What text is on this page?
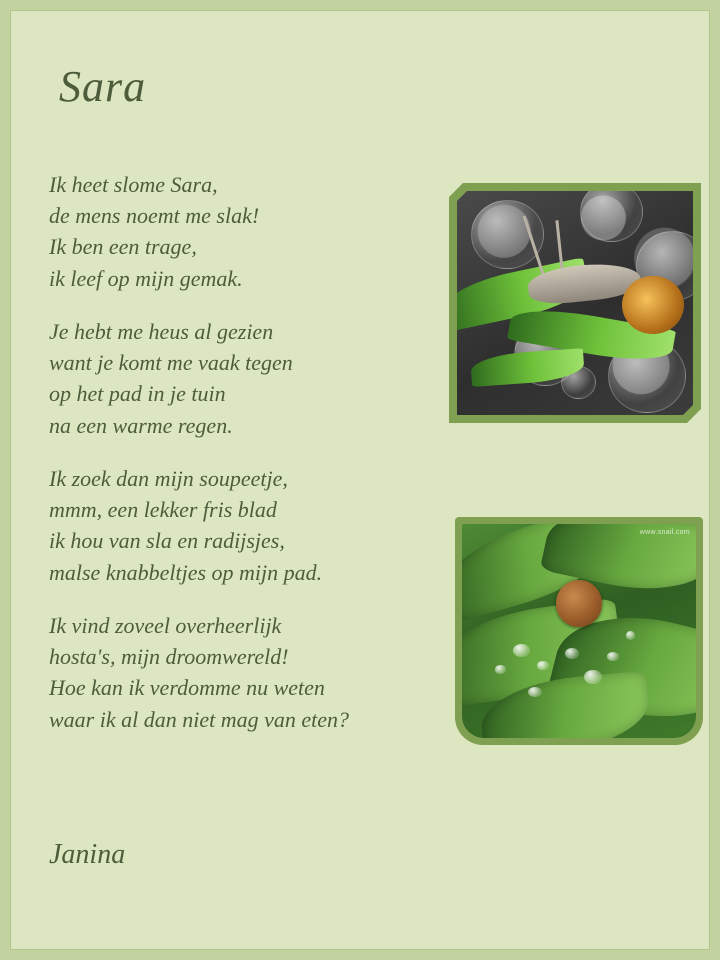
Sara
Ik heet slome Sara,
de mens noemt me slak!
Ik ben een trage,
ik leef op mijn gemak.
Je hebt me heus al gezien
want je komt me vaak tegen
op het pad in je tuin
na een warme regen.
Ik zoek dan mijn soupeetje,
mmm, een lekker fris blad
ik hou van sla en radijsjes,
malse knabbeltjes op mijn pad.
Ik vind zoveel overheerlijk
hosta's, mijn droomwereld!
Hoe kan ik verdomme nu weten
waar ik al dan niet mag van eten?
Janina
www.snail.com
